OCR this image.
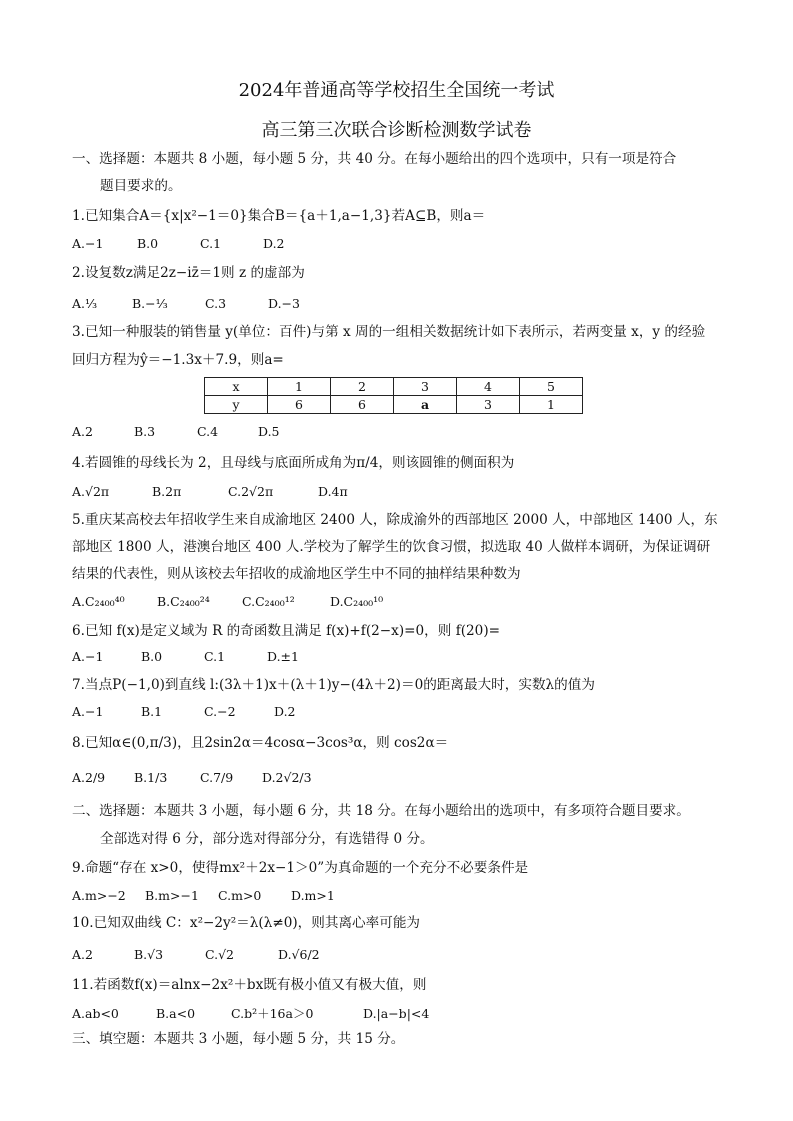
2024年普通高等学校招生全国统一考试
高三第三次联合诊断检测数学试卷
一、选择题：本题共 8 小题，每小题 5 分，共 40 分。在每小题给出的四个选项中，只有一项是符合
题目要求的。
1.已知集合A＝{x|x²−1＝0}集合B＝{a＋1,a−1,3}若A⊆B，则a＝
A.−1	B.0	C.1	D.2
2.设复数z满足2z−iz̄＝1则 z 的虚部为
A.⅓	B.−⅓	C.3	D.−3
3.已知一种服装的销售量 y(单位：百件)与第 x 周的一组相关数据统计如下表所示，若两变量 x，y 的经验
回归方程为ŷ＝−1.3x＋7.9，则a=
x	1	2	3	4	5
y	6	6	a	3	1
A.2	B.3	C.4	D.5
4.若圆锥的母线长为 2，且母线与底面所成角为π/4，则该圆锥的侧面积为
A.√2π	B.2π	C.2√2π	D.4π
5.重庆某高校去年招收学生来自成渝地区 2400 人，除成渝外的西部地区 2000 人，中部地区 1400 人，东
部地区 1800 人，港澳台地区 400 人.学校为了解学生的饮食习惯，拟选取 40 人做样本调研，为保证调研
结果的代表性，则从该校去年招收的成渝地区学生中不同的抽样结果种数为
A.C₂₄₀₀⁴⁰	B.C₂₄₀₀²⁴	C.C₂₄₀₀¹²	D.C₂₄₀₀¹⁰
6.已知 f(x)是定义域为 R 的奇函数且满足 f(x)+f(2−x)=0，则 f(20)=
A.−1	B.0	C.1	D.±1
7.当点P(−1,0)到直线 l:(3λ＋1)x＋(λ＋1)y−(4λ＋2)＝0的距离最大时，实数λ的值为
A.−1	B.1	C.−2	D.2
8.已知α∈(0,π/3)，且2sin2α＝4cosα−3cos³α，则 cos2α＝
A.2/9 B.1/3	C.7/9 D.2√2/3
二、选择题：本题共 3 小题，每小题 6 分，共 18 分。在每小题给出的选项中，有多项符合题目要求。
全部选对得 6 分，部分选对得部分分，有选错得 0 分。
9.命题“存在 x>0，使得mx²＋2x−1＞0”为真命题的一个充分不必要条件是
A.m>−2 B.m>−1 C.m>0 D.m>1
10.已知双曲线 C：x²−2y²＝λ(λ≠0)，则其离心率可能为
A.2	B.√3	C.√2	D.√6/2
11.若函数f(x)＝alnx−2x²＋bx既有极小值又有极大值，则
A.ab<0	B.a<0	C.b²＋16a＞0	D.|a−b|<4
三、填空题：本题共 3 小题，每小题 5 分，共 15 分。
